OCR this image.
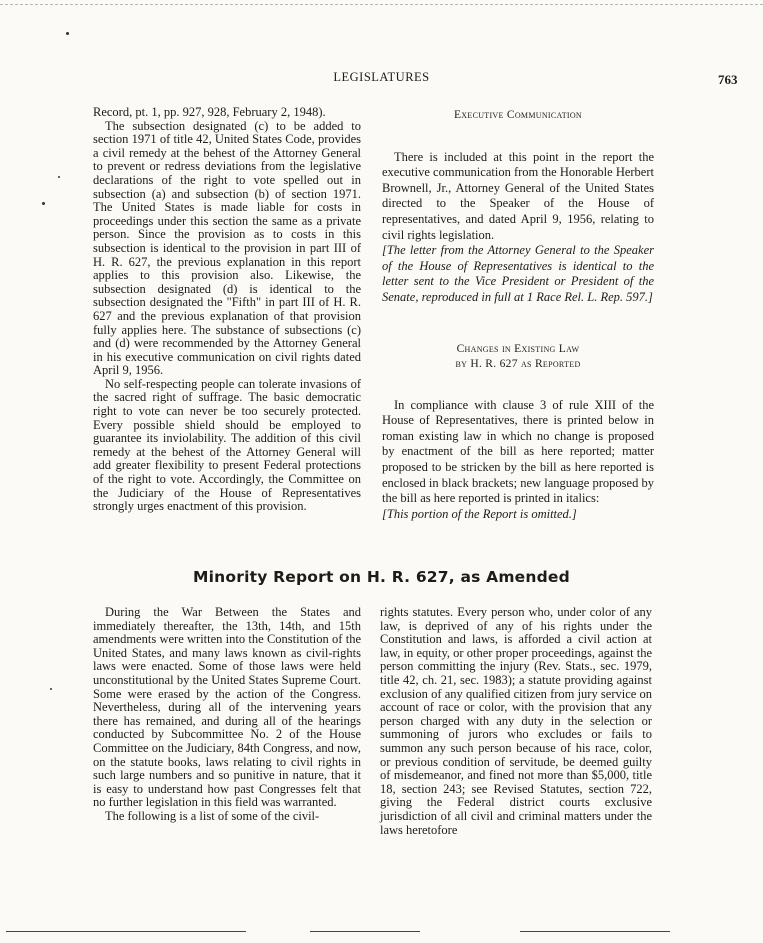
LEGISLATURES	763

Record, pt. 1, pp. 927, 928, February 2, 1948).

The subsection designated (c) to be added to section 1971 of title 42, United States Code, provides a civil remedy at the behest of the Attorney General to prevent or redress deviations from the legislative declarations of the right to vote spelled out in subsection (a) and subsection (b) of section 1971. The United States is made liable for costs in proceedings under this section the same as a private person. Since the provision as to costs in this subsection is identical to the provision in part III of H. R. 627, the previous explanation in this report applies to this provision also. Likewise, the subsection designated (d) is identical to the subsection designated the "Fifth" in part III of H. R. 627 and the previous explanation of that provision fully applies here. The substance of subsections (c) and (d) were recommended by the Attorney General in his executive communication on civil rights dated April 9, 1956.

No self-respecting people can tolerate invasions of the sacred right of suffrage. The basic democratic right to vote can never be too securely protected. Every possible shield should be employed to guarantee its inviolability. The addition of this civil remedy at the behest of the Attorney General will add greater flexibility to present Federal protections of the right to vote. Accordingly, the Committee on the Judiciary of the House of Representatives strongly urges enactment of this provision.

Executive Communication

There is included at this point in the report the executive communication from the Honorable Herbert Brownell, Jr., Attorney General of the United States directed to the Speaker of the House of representatives, and dated April 9, 1956, relating to civil rights legislation.

[The letter from the Attorney General to the Speaker of the House of Representatives is identical to the letter sent to the Vice President or President of the Senate, reproduced in full at 1 Race Rel. L. Rep. 597.]

Changes in Existing Law
by H. R. 627 as Reported

In compliance with clause 3 of rule XIII of the House of Representatives, there is printed below in roman existing law in which no change is proposed by enactment of the bill as here reported; matter proposed to be stricken by the bill as here reported is enclosed in black brackets; new language proposed by the bill as here reported is printed in italics:

[This portion of the Report is omitted.]

Minority Report on H. R. 627, as Amended

During the War Between the States and immediately thereafter, the 13th, 14th, and 15th amendments were written into the Constitution of the United States, and many laws known as civil-rights laws were enacted. Some of those laws were held unconstitutional by the United States Supreme Court. Some were erased by the action of the Congress. Nevertheless, during all of the intervening years there has remained, and during all of the hearings conducted by Subcommittee No. 2 of the House Committee on the Judiciary, 84th Congress, and now, on the statute books, laws relating to civil rights in such large numbers and so punitive in nature, that it is easy to understand how past Congresses felt that no further legislation in this field was warranted.

The following is a list of some of the civil-

rights statutes. Every person who, under color of any law, is deprived of any of his rights under the Constitution and laws, is afforded a civil action at law, in equity, or other proper proceedings, against the person committing the injury (Rev. Stats., sec. 1979, title 42, ch. 21, sec. 1983); a statute providing against exclusion of any qualified citizen from jury service on account of race or color, with the provision that any person charged with any duty in the selection or summoning of jurors who excludes or fails to summon any such person because of his race, color, or previous condition of servitude, be deemed guilty of misdemeanor, and fined not more than $5,000, title 18, section 243; see Revised Statutes, section 722, giving the Federal district courts exclusive jurisdiction of all civil and criminal matters under the laws heretofore
